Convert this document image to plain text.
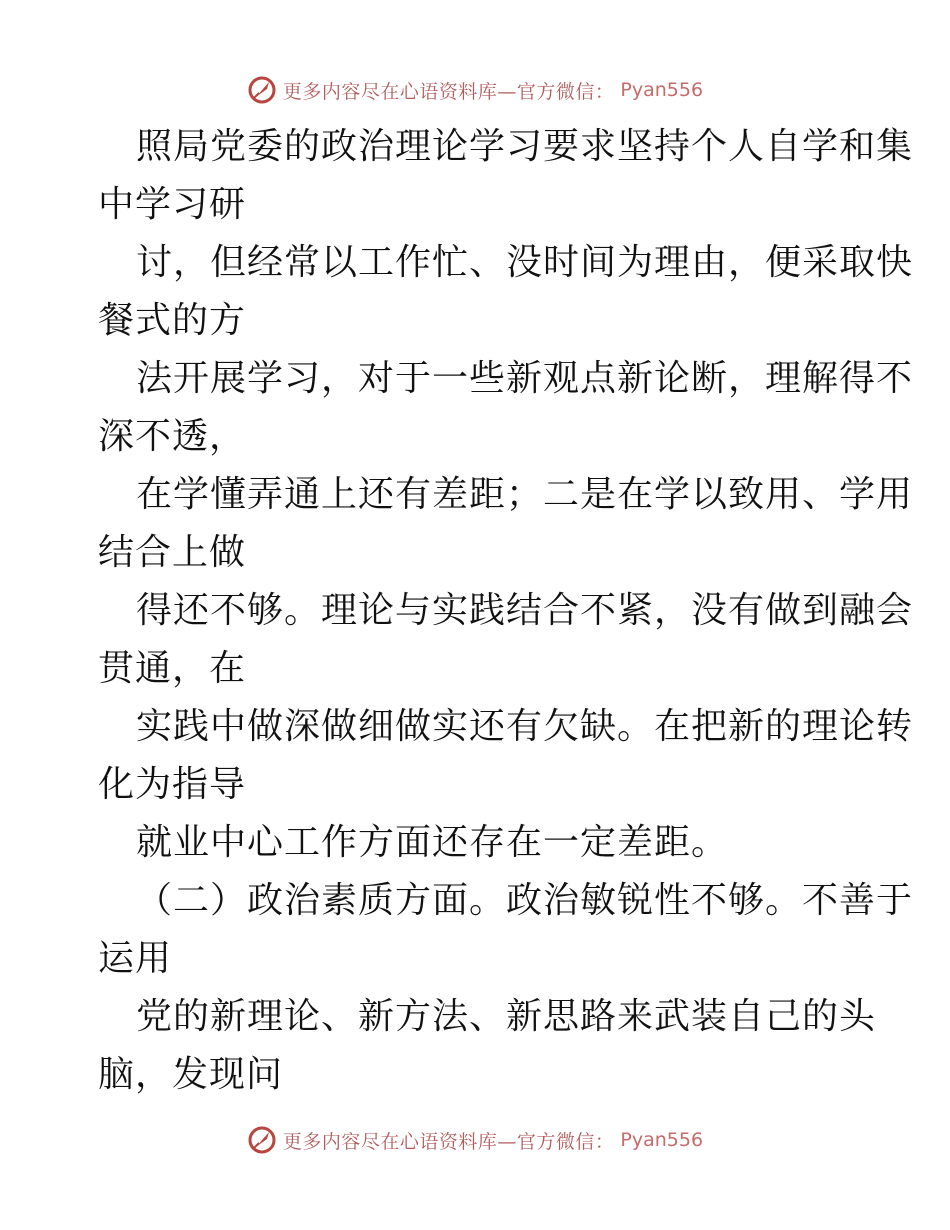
更多内容尽在心语资料库—官方微信： Pyan556
照局党委的政治理论学习要求坚持个人自学和集
中学习研
讨，但经常以工作忙、没时间为理由，便采取快
餐式的方
法开展学习，对于一些新观点新论断，理解得不
深不透，
在学懂弄通上还有差距；二是在学以致用、学用
结合上做
得还不够。理论与实践结合不紧，没有做到融会
贯通，在
实践中做深做细做实还有欠缺。在把新的理论转
化为指导
就业中心工作方面还存在一定差距。
（二）政治素质方面。政治敏锐性不够。不善于
运用
党的新理论、新方法、新思路来武装自己的头
脑，发现问
更多内容尽在心语资料库—官方微信： Pyan556
